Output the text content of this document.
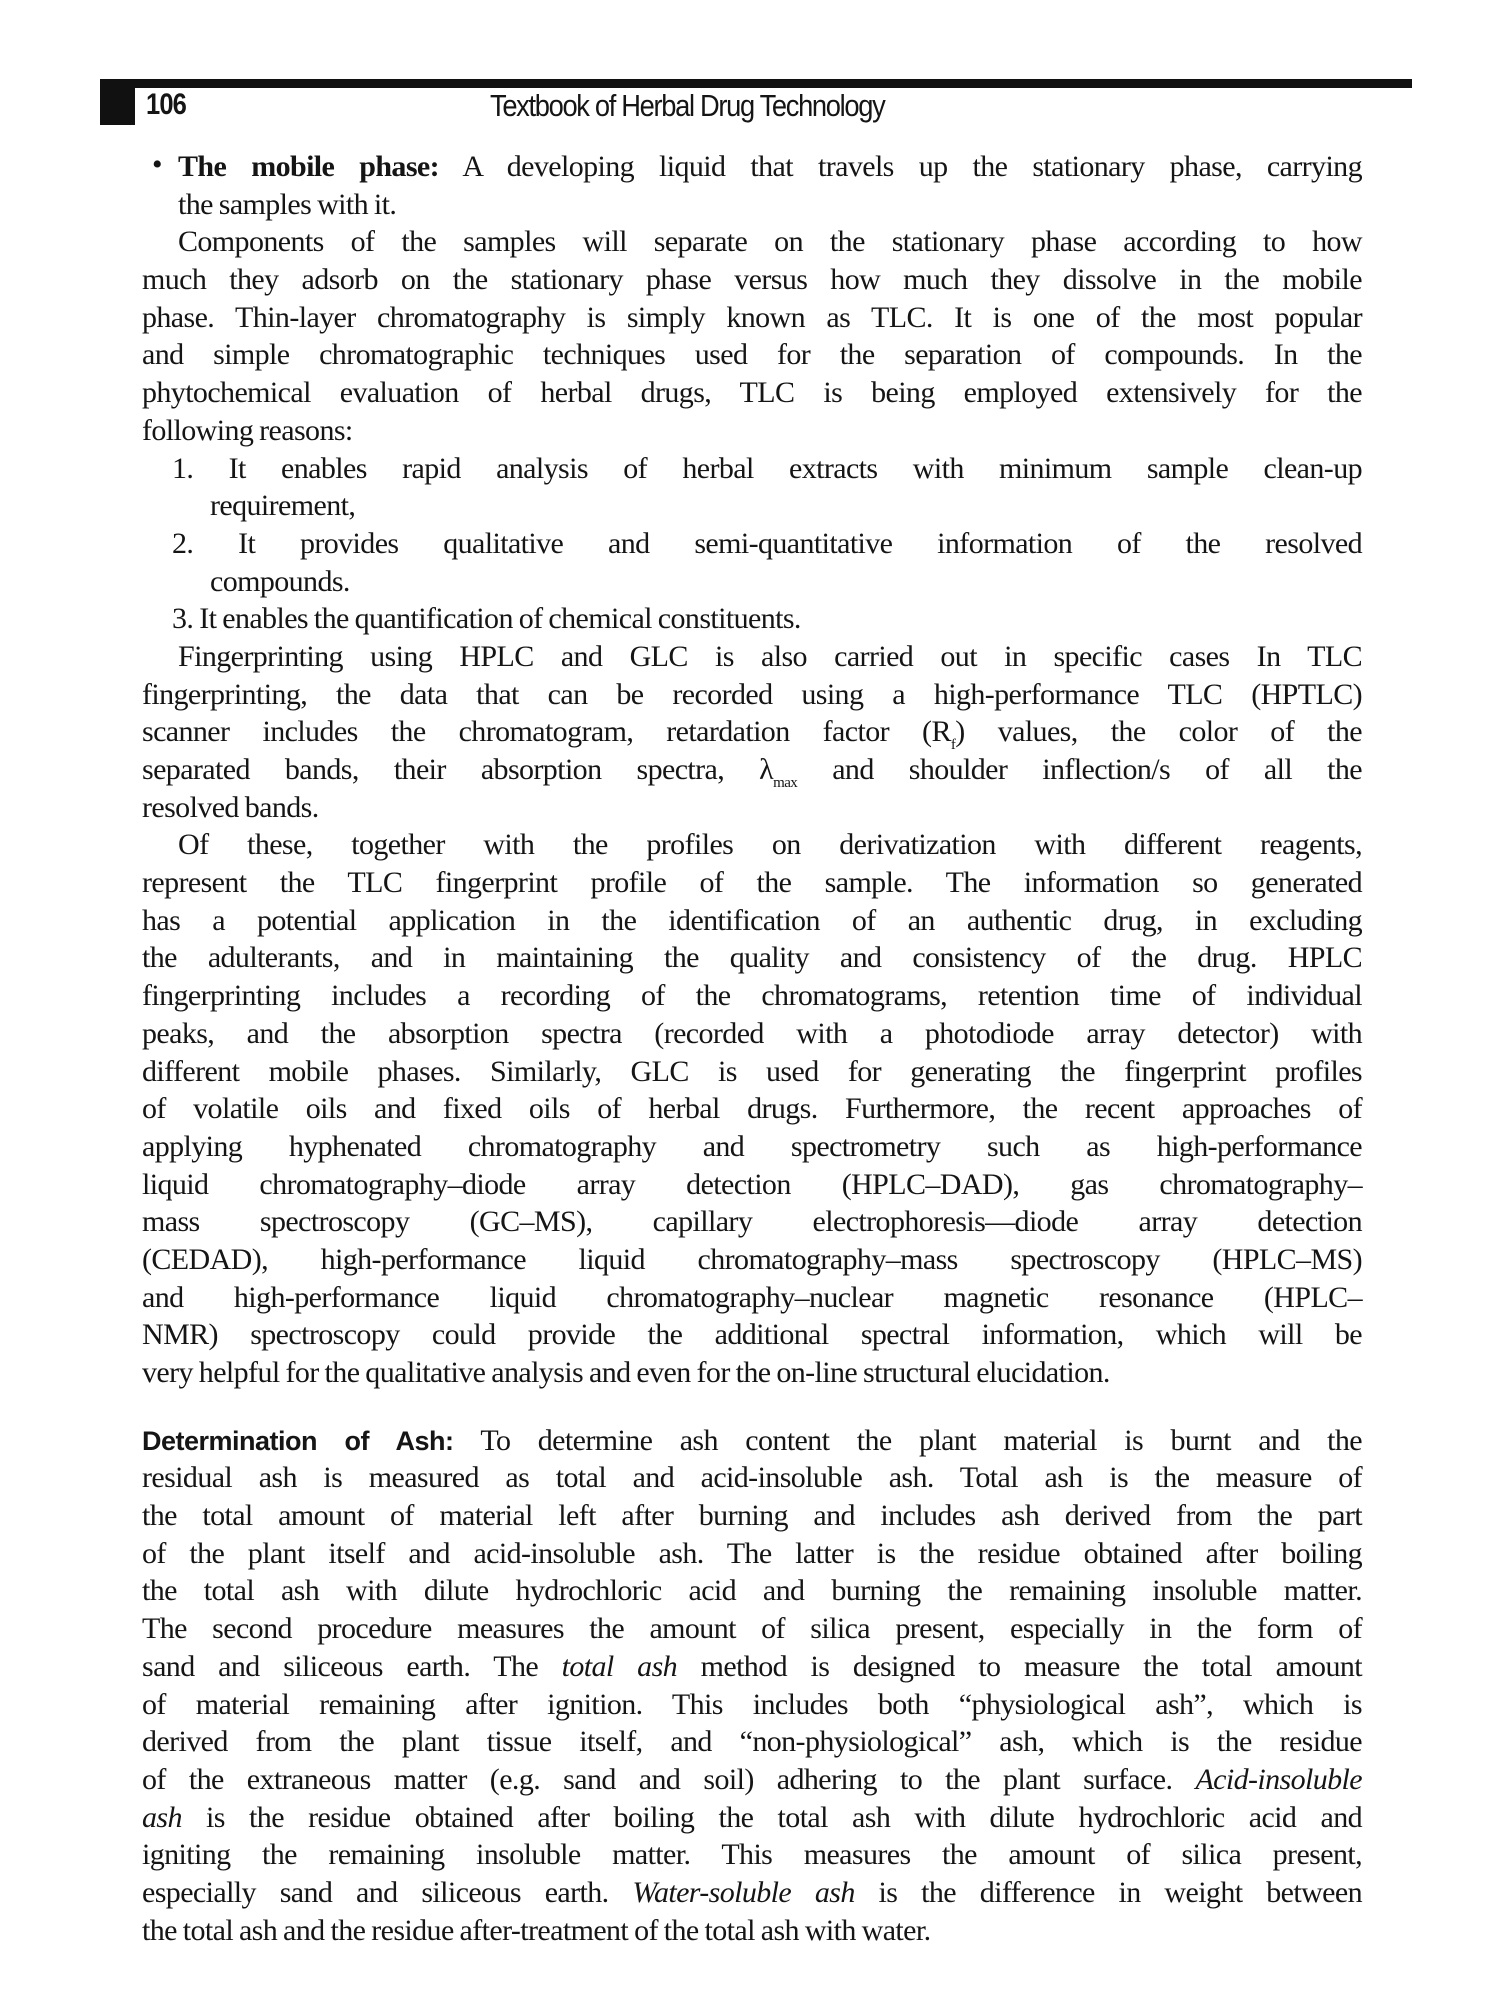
106	Textbook of Herbal Drug Technology
• The mobile phase: A developing liquid that travels up the stationary phase, carrying
the samples with it.
Components of the samples will separate on the stationary phase according to how
much they adsorb on the stationary phase versus how much they dissolve in the mobile
phase. Thin-layer chromatography is simply known as TLC. It is one of the most popular
and simple chromatographic techniques used for the separation of compounds. In the
phytochemical evaluation of herbal drugs, TLC is being employed extensively for the
following reasons:
1. It enables rapid analysis of herbal extracts with minimum sample clean-up
requirement,
2. It provides qualitative and semi-quantitative information of the resolved
compounds.
3. It enables the quantification of chemical constituents.
Fingerprinting using HPLC and GLC is also carried out in specific cases In TLC
fingerprinting, the data that can be recorded using a high-performance TLC (HPTLC)
scanner includes the chromatogram, retardation factor $(R_f)$ values, the color of the
separated bands, their absorption spectra, $\lambda_{max}$ and shoulder inflection/s of all the
resolved bands.
Of these, together with the profiles on derivatization with different reagents,
represent the TLC fingerprint profile of the sample. The information so generated
has a potential application in the identification of an authentic drug, in excluding
the adulterants, and in maintaining the quality and consistency of the drug. HPLC
fingerprinting includes a recording of the chromatograms, retention time of individual
peaks, and the absorption spectra (recorded with a photodiode array detector) with
different mobile phases. Similarly, GLC is used for generating the fingerprint profiles
of volatile oils and fixed oils of herbal drugs. Furthermore, the recent approaches of
applying hyphenated chromatography and spectrometry such as high-performance
liquid chromatography–diode array detection (HPLC–DAD), gas chromatography–
mass spectroscopy (GC–MS), capillary electrophoresis—diode array detection
(CEDAD), high-performance liquid chromatography–mass spectroscopy (HPLC–MS)
and high-performance liquid chromatography–nuclear magnetic resonance (HPLC–
NMR) spectroscopy could provide the additional spectral information, which will be
very helpful for the qualitative analysis and even for the on-line structural elucidation.
Determination of Ash: To determine ash content the plant material is burnt and the
residual ash is measured as total and acid-insoluble ash. Total ash is the measure of
the total amount of material left after burning and includes ash derived from the part
of the plant itself and acid-insoluble ash. The latter is the residue obtained after boiling
the total ash with dilute hydrochloric acid and burning the remaining insoluble matter.
The second procedure measures the amount of silica present, especially in the form of
sand and siliceous earth. The total ash method is designed to measure the total amount
of material remaining after ignition. This includes both “physiological ash”, which is
derived from the plant tissue itself, and “non-physiological” ash, which is the residue
of the extraneous matter (e.g. sand and soil) adhering to the plant surface. Acid-insoluble
ash is the residue obtained after boiling the total ash with dilute hydrochloric acid and
igniting the remaining insoluble matter. This measures the amount of silica present,
especially sand and siliceous earth. Water-soluble ash is the difference in weight between
the total ash and the residue after-treatment of the total ash with water.
